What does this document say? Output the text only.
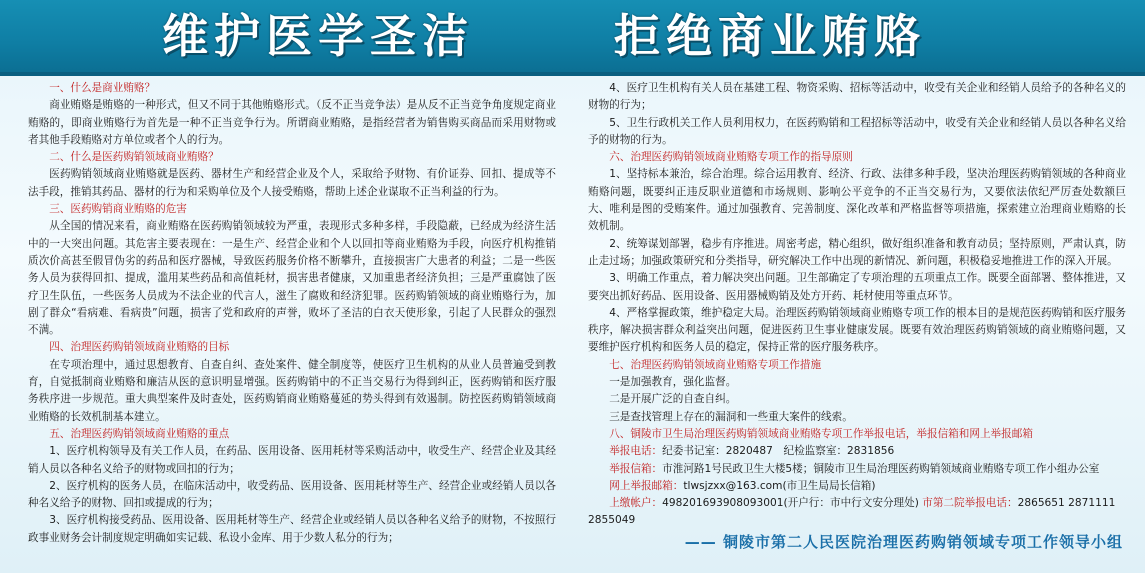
维护医学圣洁	拒绝商业贿赂
一、什么是商业贿赂？

商业贿赂是贿赂的一种形式，但又不同于其他贿赂形式。（反不正当竞争法）是从反不正当竞争角度规定商业贿赂的，即商业贿赂行为首先是一种不正当竞争行为。所谓商业贿赂，是指经营者为销售购买商品而采用财物或者其他手段贿赂对方单位或者个人的行为。

二、什么是医药购销领域商业贿赂？

医药购销领域商业贿赂就是医药、器材生产和经营企业及个人，采取给予财物、有价证券、回扣、提成等不法手段，推销其药品、器材的行为和采购单位及个人接受贿赂，帮助上述企业谋取不正当利益的行为。

三、医药购销商业贿赂的危害

从全国的情况来看，商业贿赂在医药购销领域较为严重，表现形式多种多样，手段隐蔽，已经成为经济生活中的一大突出问题。其危害主要表现在：一是生产、经营企业和个人以回扣等商业贿赂为手段，向医疗机构推销质次价高甚至假冒伪劣的药品和医疗器械，导致医药服务价格不断攀升，直接损害广大患者的利益；二是一些医务人员为获得回扣、提成，滥用某些药品和高值耗材，损害患者健康，又加重患者经济负担；三是严重腐蚀了医疗卫生队伍，一些医务人员成为不法企业的代言人，滋生了腐败和经济犯罪。医药购销领域的商业贿赂行为，加剧了群众“看病难、看病贵”问题，损害了党和政府的声誉，败坏了圣洁的白衣天使形象，引起了人民群众的强烈不满。

四、治理医药购销领域商业贿赂的目标

在专项治理中，通过思想教育、自查自纠、查处案件、健全制度等，使医疗卫生机构的从业人员普遍受到教育，自觉抵制商业贿赂和廉洁从医的意识明显增强。医药购销中的不正当交易行为得到纠正，医药购销和医疗服务秩序进一步规范。重大典型案件及时查处，医药购销商业贿赂蔓延的势头得到有效遏制。防控医药购销领域商业贿赂的长效机制基本建立。

五、治理医药购销领域商业贿赂的重点
1、医疗机构领导及有关工作人员，在药品、医用设备、医用耗材等采购活动中，收受生产、经营企业及其经销人员以各种名义给予的财物或回扣的行为；
2、医疗机构的医务人员，在临床活动中，收受药品、医用设备、医用耗材等生产、经营企业或经销人员以各种名义给予的财物、回扣或提成的行为；
3、医疗机构接受药品、医用设备、医用耗材等生产、经营企业或经销人员以各种名义给予的财物，不按照行政事业财务会计制度规定明确如实记载、私设小金库、用于少数人私分的行为；
4、医疗卫生机构有关人员在基建工程、物资采购、招标等活动中，收受有关企业和经销人员给予的各种名义的财物的行为；
5、卫生行政机关工作人员利用权力，在医药购销和工程招标等活动中，收受有关企业和经销人员以各种名义给予的财物的行为。
六、治理医药购销领域商业贿赂专项工作的指导原则
1、坚持标本兼治，综合治理。综合运用教育、经济、行政、法律多种手段，坚决治理医药购销领域的各种商业贿赂问题，既要纠正违反职业道德和市场规则、影响公平竞争的不正当交易行为，又要依法依纪严厉查处数额巨大、唯利是图的受贿案件。通过加强教育、完善制度、深化改革和严格监督等项措施，探索建立治理商业贿赂的长效机制。
2、统筹谋划部署，稳步有序推进。周密考虑，精心组织，做好组织准备和教育动员；坚持原则，严肃认真，防止走过场；加强政策研究和分类指导，研究解决工作中出现的新情况、新问题，积极稳妥地推进工作的深入开展。
3、明确工作重点，着力解决突出问题。卫生部确定了专项治理的五项重点工作。既要全面部署、整体推进，又要突出抓好药品、医用设备、医用器械购销及处方开药、耗材使用等重点环节。
4、严格掌握政策，维护稳定大局。治理医药购销领域商业贿赂专项工作的根本目的是规范医药购销和医疗服务秩序，解决损害群众利益突出问题，促进医药卫生事业健康发展。既要有效治理医药购销领域的商业贿赂问题，又要维护医疗机构和医务人员的稳定，保持正常的医疗服务秩序。
七、治理医药购销领域商业贿赂专项工作措施
一是加强教育，强化监督。
二是开展广泛的自查自纠。
三是查找管理上存在的漏洞和一些重大案件的线索。
八、铜陵市卫生局治理医药购销领域商业贿赂专项工作举报电话，举报信箱和网上举报邮箱
举报电话：纪委书记室：2820487　纪检监察室：2831856
举报信箱：市淮河路1号民政卫生大楼5楼；铜陵市卫生局治理医药购销领域商业贿赂专项工作小组办公室
网上举报邮箱：tlwsjzxx@163.com(市卫生局局长信箱)
上缴帐户：498201693908093001(开户行：市中行文安分理处) 市第二院举报电话：2865651 2871111 2855049
—— 铜陵市第二人民医院治理医药购销领域专项工作领导小组
